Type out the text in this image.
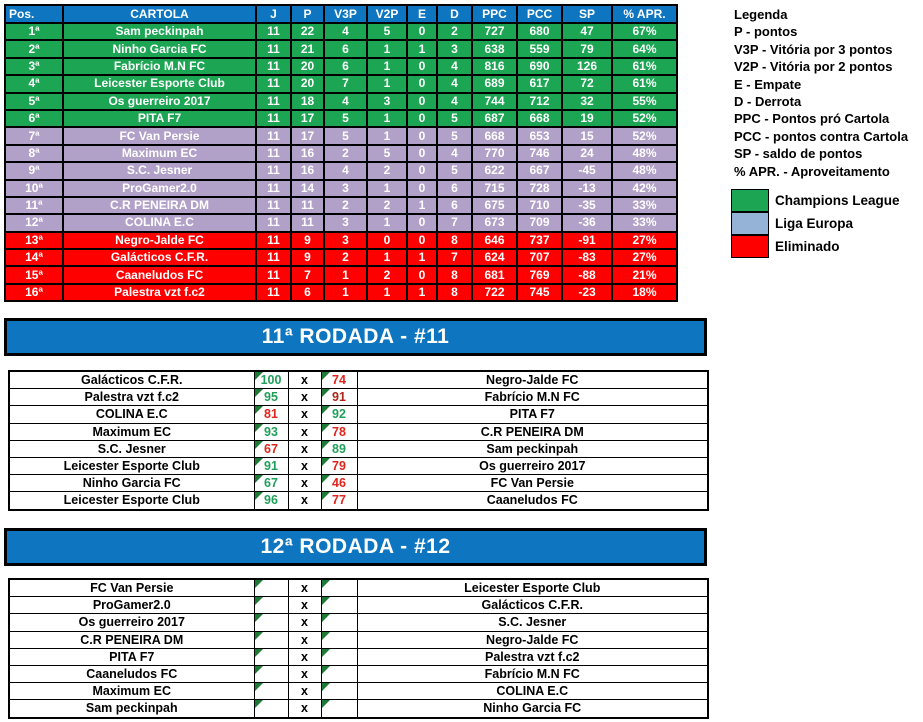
Pos.	CARTOLA	J	P	V3P	V2P	E	D	PPC	PCC	SP	% APR.
1ª	Sam peckinpah	11	22	4	5	0	2	727	680	47	67%
2ª	Ninho Garcia FC	11	21	6	1	1	3	638	559	79	64%
3ª	Fabrício M.N FC	11	20	6	1	0	4	816	690	126	61%
4ª	Leicester Esporte Club	11	20	7	1	0	4	689	617	72	61%
5ª	Os guerreiro 2017	11	18	4	3	0	4	744	712	32	55%
6ª	PITA F7	11	17	5	1	0	5	687	668	19	52%
7ª	FC Van Persie	11	17	5	1	0	5	668	653	15	52%
8ª	Maximum EC	11	16	2	5	0	4	770	746	24	48%
9ª	S.C. Jesner	11	16	4	2	0	5	622	667	-45	48%
10ª	ProGamer2.0	11	14	3	1	0	6	715	728	-13	42%
11ª	C.R PENEIRA DM	11	11	2	2	1	6	675	710	-35	33%
12ª	COLINA E.C	11	11	3	1	0	7	673	709	-36	33%
13ª	Negro-Jalde FC	11	9	3	0	0	8	646	737	-91	27%
14ª	Galácticos C.F.R.	11	9	2	1	1	7	624	707	-83	27%
15ª	Caaneludos FC	11	7	1	2	0	8	681	769	-88	21%
16ª	Palestra vzt f.c2	11	6	1	1	1	8	722	745	-23	18%
Legenda
P - pontos
V3P - Vitória por 3 pontos
V2P - Vitória por 2 pontos
E - Empate
D - Derrota
PPC - Pontos pró Cartola
PCC - pontos contra Cartola
SP - saldo de pontos
% APR. - Aproveitamento
Champions League
Liga Europa
Eliminado
11ª RODADA - #11
Galácticos C.F.R.	100	x	74	Negro-Jalde FC
Palestra vzt f.c2	95	x	91	Fabrício M.N FC
COLINA E.C	81	x	92	PITA F7
Maximum EC	93	x	78	C.R PENEIRA DM
S.C. Jesner	67	x	89	Sam peckinpah
Leicester Esporte Club	91	x	79	Os guerreiro 2017
Ninho Garcia FC	67	x	46	FC Van Persie
Leicester Esporte Club	96	x	77	Caaneludos FC
12ª RODADA - #12
FC Van Persie		x		Leicester Esporte Club
ProGamer2.0		x		Galácticos C.F.R.
Os guerreiro 2017		x		S.C. Jesner
C.R PENEIRA DM		x		Negro-Jalde FC
PITA F7		x		Palestra vzt f.c2
Caaneludos FC		x		Fabrício M.N FC
Maximum EC		x		COLINA E.C
Sam peckinpah		x		Ninho Garcia FC
